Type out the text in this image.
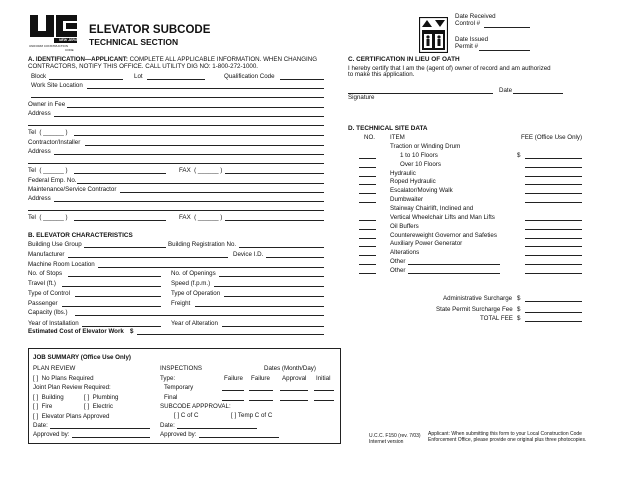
NEW JERSEY
UNIFORM CONSTRUCTION
CODE
ELEVATOR SUBCODE
TECHNICAL SECTION
Date Received
Control #
Date Issued
Permit #
A. IDENTIFICATION—APPLICANT: COMPLETE ALL APPLICABLE INFORMATION. WHEN CHANGING
CONTRACTORS, NOTIFY THIS OFFICE. CALL UTILITY DIG NO: 1-800-272-1000.
Block	Lot	Qualification Code
Work Site Location
Owner in Fee
Address
Tel ( ______ )
Contractor/Installer
Address
Tel ( ______ )	FAX ( ______ )
Federal Emp. No.
Maintenance/Service Contractor
Address
Tel ( ______ )	FAX ( ______ )
B. ELEVATOR CHARACTERISTICS
Building Use Group	Building Registration No.
Manufacturer	Device I.D.
Machine Room Location
No. of Stops	No. of Openings
Travel (ft.)	Speed (f.p.m.)
Type of Control	Type of Operation
Passenger	Freight
Capacity (lbs.)
Year of Installation	Year of Alteration
Estimated Cost of Elevator Work $
C. CERTIFICATION IN LIEU OF OATH
I hereby certify that I am the (agent of) owner of record and am authorized
to make this application.
Date
Signature
D. TECHNICAL SITE DATA
NO. ITEM	FEE (Office Use Only)
Traction or Winding Drum
1 to 10 Floors	$
Over 10 Floors
Hydraulic
Roped Hydraulic
Escalator/Moving Walk
Dumbwaiter
Stairway Chairlift, Inclined and
Vertical Wheelchair Lifts and Man Lifts
Oil Buffers
Countereweight Governor and Safeties
Auxiliary Power Generator
Alterations
Other
Other
Administrative Surcharge $
State Permit Surcharge Fee $
TOTAL FEE $
JOB SUMMARY (Office Use Only)
PLAN REVIEW
[ ] No Plans Required
Joint Plan Review Required:
[ ] Building	[ ] Plumbing
[ ] Fire	[ ] Electric
[ ] Elevator Plans Approved
Date:
Approved by:
INSPECTIONS	Dates (Month/Day)
Type:	Failure Failure Approval Initial
Temporary
Final
SUBCODE APPPROVAL:
[ ] C of C	[ ] Temp C of C
Date:
Approved by:	U.C.C. F150 (rev. 7/03)
Internet version
Applicant: When submitting this form to your Local Construction Code
Enforcement Office, please provide one original plus three photocopies.
